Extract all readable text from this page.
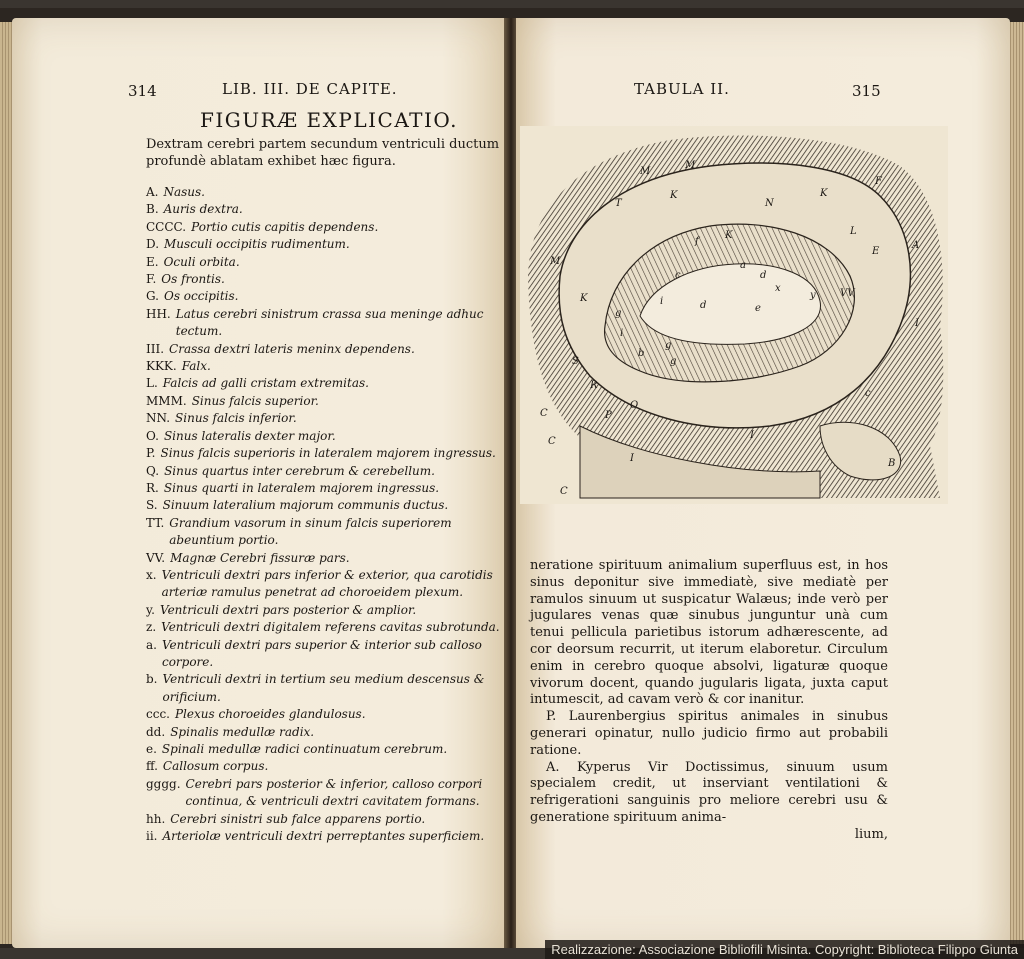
314	LIB. III. DE CAPITE.
FIGURÆ EXPLICATIO.
Dextram cerebri partem secundum ventriculi ductum profundè ablatam exhibet hæc figura.
A. Nasus.
B. Auris dextra.
CCCC. Portio cutis capitis dependens.
D. Musculi occipitis rudimentum.
E. Oculi orbita.
F. Os frontis.
G. Os occipitis.
HH. Latus cerebri sinistrum crassa sua meninge adhuc tectum.
III. Crassa dextri lateris meninx dependens.
KKK. Falx.
L. Falcis ad galli cristam extremitas.
MMM. Sinus falcis superior.
NN. Sinus falcis inferior.
O. Sinus lateralis dexter major.
P. Sinus falcis superioris in lateralem majorem ingressus.
Q. Sinus quartus inter cerebrum & cerebellum.
R. Sinus quarti in lateralem majorem ingressus.
S. Sinuum lateralium majorum communis ductus.
TT. Grandium vasorum in sinum falcis superiorem abeuntium portio.
VV. Magnæ Cerebri fissuræ pars.
x. Ventriculi dextri pars inferior & exterior, qua carotidis arteriæ ramulus penetrat ad choroeidem plexum.
y. Ventriculi dextri pars posterior & amplior.
z. Ventriculi dextri digitalem referens cavitas subrotunda.
a. Ventriculi dextri pars superior & interior sub calloso corpore.
b. Ventriculi dextri in tertium seu medium descensus & orificium.
ccc. Plexus choroeides glandulosus.
dd. Spinalis medullæ radix.
e. Spinali medullæ radici continuatum cerebrum.
ff. Callosum corpus.
gggg. Cerebri pars posterior & inferior, calloso corpori continua, & ventriculi dextri cavitatem formans.
hh. Cerebri sinistri sub falce apparens portio.
ii. Arteriolæ ventriculi dextri perreptantes superficiem.
TABULA II.	315
M
M
K
N
K
F
T
K	L
E
A
M
f
c
a
d
x	VV
K
g
i	d	e
y
I
g
i
b
g
c
S
R
O
P
C
I
I	B
C
C

neratione spirituum animalium superfluus est, in hos sinus deponitur sive immediatè, sive mediatè per ramulos sinuum ut suspicatur Walæus; inde verò per jugulares venas quæ sinubus junguntur unà cum tenui pellicula parietibus istorum adhærescente, ad cor deorsum recurrit, ut iterum elaboretur. Circulum enim in cerebro quoque absolvi, ligaturæ quoque vivorum docent, quando jugularis ligata, juxta caput intumescit, ad cavam verò & cor inanitur.

P. Laurenbergius spiritus animales in sinubus generari opinatur, nullo judicio firmo aut probabili ratione.

A. Kyperus Vir Doctissimus, sinuum usum specialem credit, ut inserviant ventilationi & refrigerationi sanguinis pro meliore cerebri usu & generatione spirituum anima-

lium,
Realizzazione: Associazione Bibliofili Misinta. Copyright: Biblioteca Filippo Giunta
